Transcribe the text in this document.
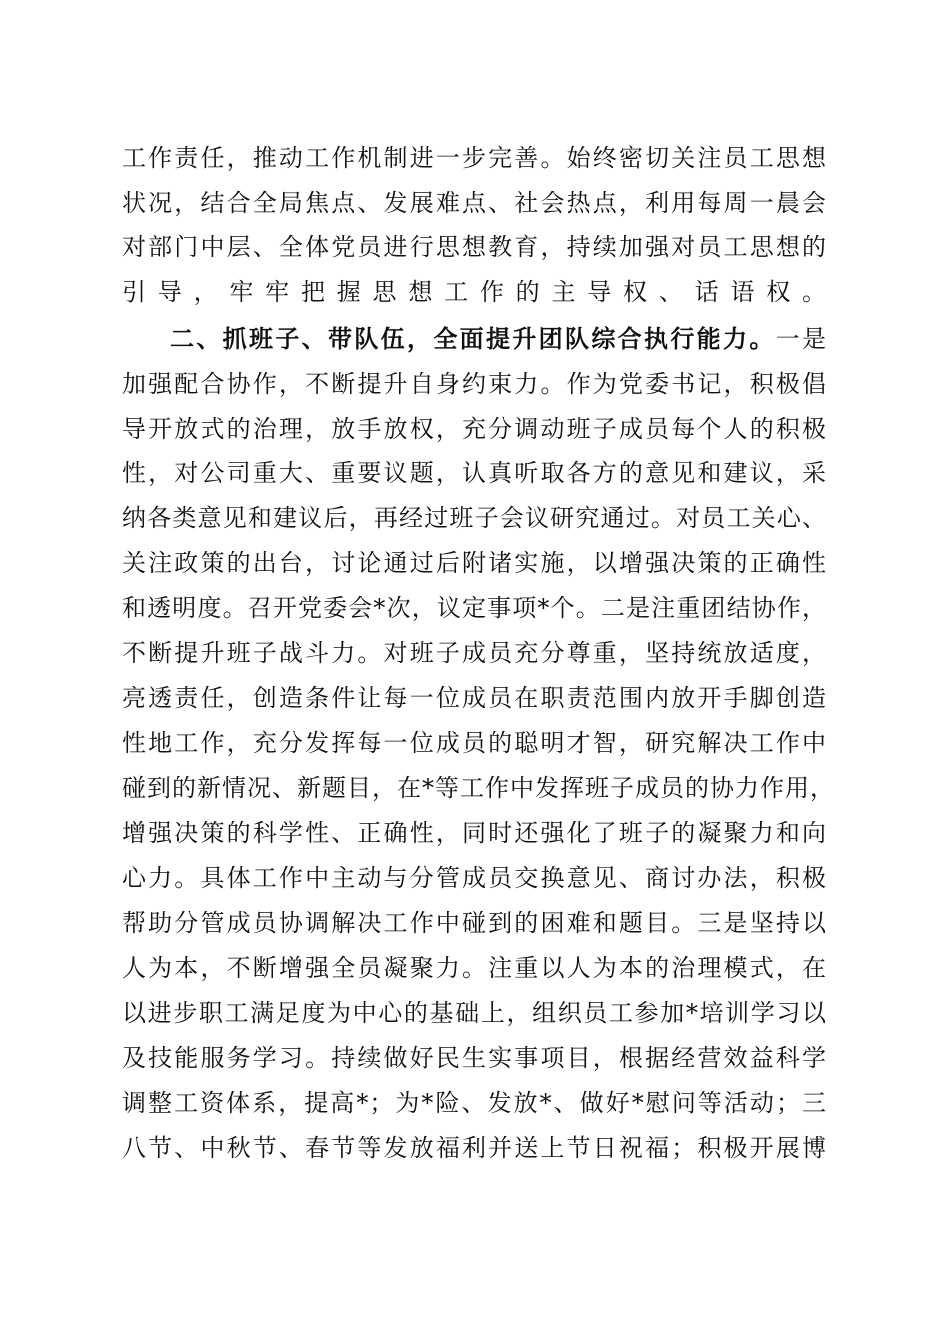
工作责任，推动工作机制进一步完善。始终密切关注员工思想
状况，结合全局焦点、发展难点、社会热点，利用每周一晨会
对部门中层、全体党员进行思想教育，持续加强对员工思想的
引导，牢牢把握思想工作的主导权、话语权。
二、抓班子、带队伍，全面提升团队综合执行能力。一是
加强配合协作，不断提升自身约束力。作为党委书记，积极倡
导开放式的治理，放手放权，充分调动班子成员每个人的积极
性，对公司重大、重要议题，认真听取各方的意见和建议，采
纳各类意见和建议后，再经过班子会议研究通过。对员工关心、
关注政策的出台，讨论通过后附诸实施，以增强决策的正确性
和透明度。召开党委会*次，议定事项*个。二是注重团结协作，
不断提升班子战斗力。对班子成员充分尊重，坚持统放适度，
亮透责任，创造条件让每一位成员在职责范围内放开手脚创造
性地工作，充分发挥每一位成员的聪明才智，研究解决工作中
碰到的新情况、新题目，在*等工作中发挥班子成员的协力作用，
增强决策的科学性、正确性，同时还强化了班子的凝聚力和向
心力。具体工作中主动与分管成员交换意见、商讨办法，积极
帮助分管成员协调解决工作中碰到的困难和题目。三是坚持以
人为本，不断增强全员凝聚力。注重以人为本的治理模式，在
以进步职工满足度为中心的基础上，组织员工参加*培训学习以
及技能服务学习。持续做好民生实事项目，根据经营效益科学
调整工资体系，提高*；为*险、发放*、做好*慰问等活动；三
八节、中秋节、春节等发放福利并送上节日祝福；积极开展博
